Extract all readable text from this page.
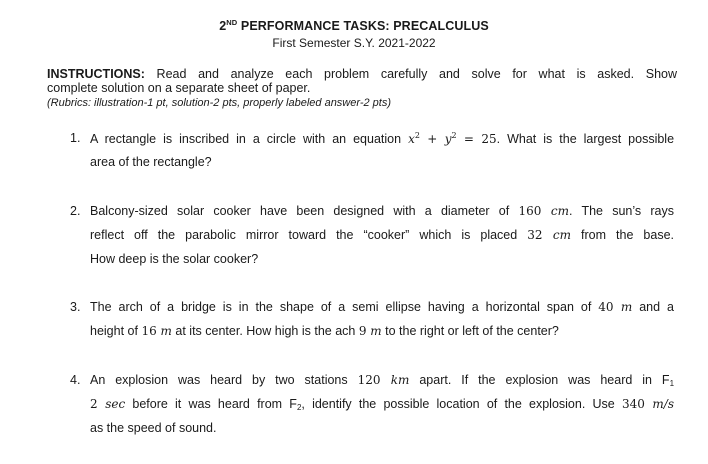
2ND PERFORMANCE TASKS: PRECALCULUS
First Semester S.Y. 2021-2022
INSTRUCTIONS: Read and analyze each problem carefully and solve for what is asked. Show
complete solution on a separate sheet of paper.
(Rubrics: illustration-1 pt, solution-2 pts, properly labeled answer-2 pts)
1. A rectangle is inscribed in a circle with an equation $x^2 + y^2 = 25$. What is the largest possible
area of the rectangle?
2. Balcony-sized solar cooker have been designed with a diameter of 160 cm. The sun’s rays
reflect off the parabolic mirror toward the “cooker” which is placed 32 cm from the base.
How deep is the solar cooker?
3. The arch of a bridge is in the shape of a semi ellipse having a horizontal span of 40 m and a
height of 16 m at its center. How high is the ach 9 m to the right or left of the center?
4. An explosion was heard by two stations 120 km apart. If the explosion was heard in $F_1$
2 sec before it was heard from $F_2$, identify the possible location of the explosion. Use 340 m/s
as the speed of sound.
